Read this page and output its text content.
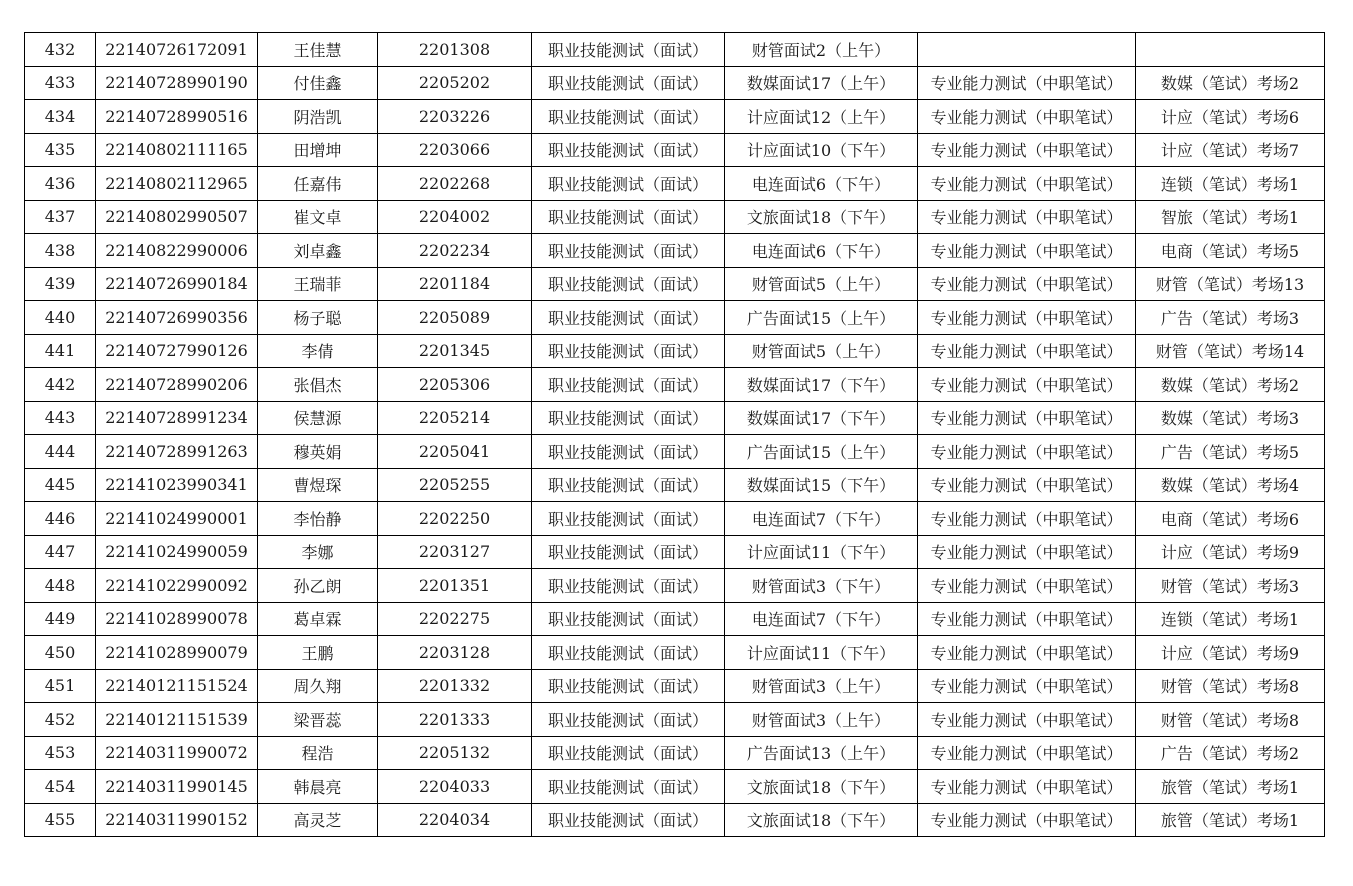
432	22140726172091	王佳慧	2201308	职业技能测试（面试）	财管面试2（上午）		
433	22140728990190	付佳鑫	2205202	职业技能测试（面试）	数媒面试17（上午）	专业能力测试（中职笔试）	数媒（笔试）考场2
434	22140728990516	阴浩凯	2203226	职业技能测试（面试）	计应面试12（上午）	专业能力测试（中职笔试）	计应（笔试）考场6
435	22140802111165	田增坤	2203066	职业技能测试（面试）	计应面试10（下午）	专业能力测试（中职笔试）	计应（笔试）考场7
436	22140802112965	任嘉伟	2202268	职业技能测试（面试）	电连面试6（下午）	专业能力测试（中职笔试）	连锁（笔试）考场1
437	22140802990507	崔文卓	2204002	职业技能测试（面试）	文旅面试18（下午）	专业能力测试（中职笔试）	智旅（笔试）考场1
438	22140822990006	刘卓鑫	2202234	职业技能测试（面试）	电连面试6（下午）	专业能力测试（中职笔试）	电商（笔试）考场5
439	22140726990184	王瑞菲	2201184	职业技能测试（面试）	财管面试5（上午）	专业能力测试（中职笔试）	财管（笔试）考场13
440	22140726990356	杨子聪	2205089	职业技能测试（面试）	广告面试15（上午）	专业能力测试（中职笔试）	广告（笔试）考场3
441	22140727990126	李倩	2201345	职业技能测试（面试）	财管面试5（上午）	专业能力测试（中职笔试）	财管（笔试）考场14
442	22140728990206	张倡杰	2205306	职业技能测试（面试）	数媒面试17（下午）	专业能力测试（中职笔试）	数媒（笔试）考场2
443	22140728991234	侯慧源	2205214	职业技能测试（面试）	数媒面试17（下午）	专业能力测试（中职笔试）	数媒（笔试）考场3
444	22140728991263	穆英娟	2205041	职业技能测试（面试）	广告面试15（上午）	专业能力测试（中职笔试）	广告（笔试）考场5
445	22141023990341	曹煜琛	2205255	职业技能测试（面试）	数媒面试15（下午）	专业能力测试（中职笔试）	数媒（笔试）考场4
446	22141024990001	李怡静	2202250	职业技能测试（面试）	电连面试7（下午）	专业能力测试（中职笔试）	电商（笔试）考场6
447	22141024990059	李娜	2203127	职业技能测试（面试）	计应面试11（下午）	专业能力测试（中职笔试）	计应（笔试）考场9
448	22141022990092	孙乙朗	2201351	职业技能测试（面试）	财管面试3（下午）	专业能力测试（中职笔试）	财管（笔试）考场3
449	22141028990078	葛卓霖	2202275	职业技能测试（面试）	电连面试7（下午）	专业能力测试（中职笔试）	连锁（笔试）考场1
450	22141028990079	王鹏	2203128	职业技能测试（面试）	计应面试11（下午）	专业能力测试（中职笔试）	计应（笔试）考场9
451	22140121151524	周久翔	2201332	职业技能测试（面试）	财管面试3（上午）	专业能力测试（中职笔试）	财管（笔试）考场8
452	22140121151539	梁晋蕊	2201333	职业技能测试（面试）	财管面试3（上午）	专业能力测试（中职笔试）	财管（笔试）考场8
453	22140311990072	程浩	2205132	职业技能测试（面试）	广告面试13（上午）	专业能力测试（中职笔试）	广告（笔试）考场2
454	22140311990145	韩晨亮	2204033	职业技能测试（面试）	文旅面试18（下午）	专业能力测试（中职笔试）	旅管（笔试）考场1
455	22140311990152	高灵芝	2204034	职业技能测试（面试）	文旅面试18（下午）	专业能力测试（中职笔试）	旅管（笔试）考场1
